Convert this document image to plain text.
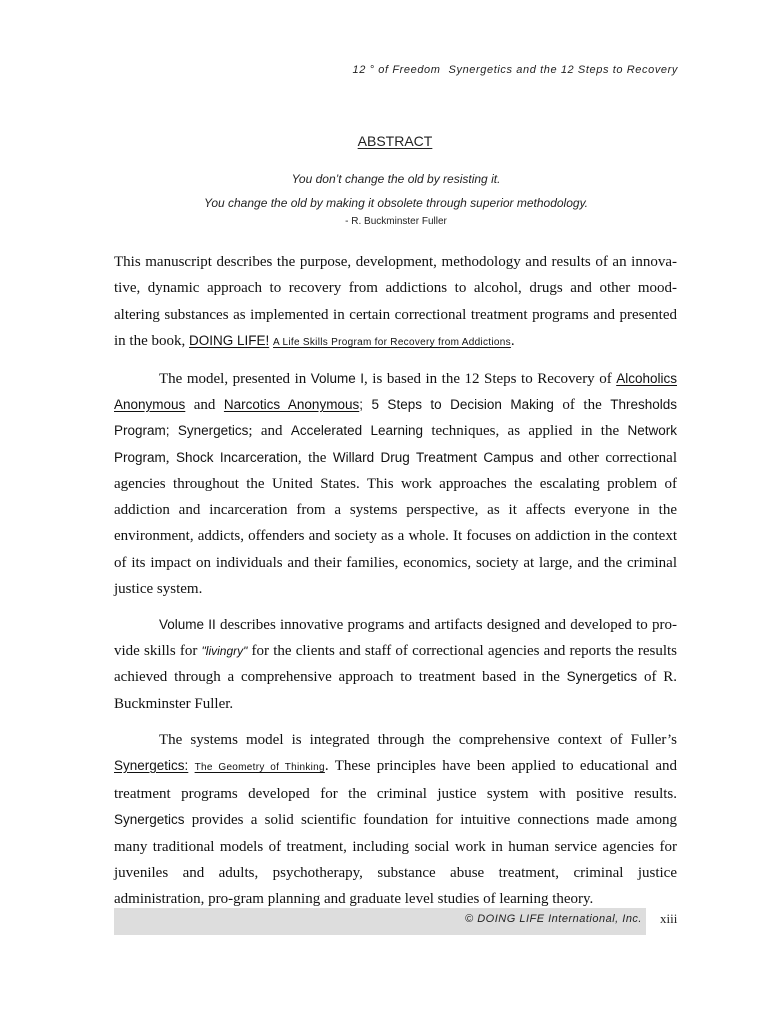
12 ° of Freedom Synergetics and the 12 Steps to Recovery
ABSTRACT
You don’t change the old by resisting it.
You change the old by making it obsolete through superior methodology.
- R. Buckminster Fuller

This manuscript describes the purpose, development, methodology and results of an innova-tive, dynamic approach to recovery from addictions to alcohol, drugs and other mood-altering substances as implemented in certain correctional treatment programs and presented in the book, DOING LIFE! A Life Skills Program for Recovery from Addictions.

The model, presented in Volume I, is based in the 12 Steps to Recovery of Alcoholics Anonymous and Narcotics Anonymous; 5 Steps to Decision Making of the Thresholds Program; Synergetics; and Accelerated Learning techniques, as applied in the Network Program, Shock Incarceration, the Willard Drug Treatment Campus and other correctional agencies throughout the United States. This work approaches the escalating problem of addiction and incarceration from a systems perspective, as it affects everyone in the environment, addicts, offenders and society as a whole. It focuses on addiction in the context of its impact on individuals and their families, economics, society at large, and the criminal justice system.

Volume II describes innovative programs and artifacts designed and developed to pro-vide skills for "livingry" for the clients and staff of correctional agencies and reports the results achieved through a comprehensive approach to treatment based in the Synergetics of R. Buckminster Fuller.

The systems model is integrated through the comprehensive context of Fuller’s Synergetics: The Geometry of Thinking. These principles have been applied to educational and treatment programs developed for the criminal justice system with positive results. Synergetics provides a solid scientific foundation for intuitive connections made among many traditional models of treatment, including social work in human service agencies for juveniles and adults, psychotherapy, substance abuse treatment, criminal justice administration, pro-gram planning and graduate level studies of learning theory.

© DOING LIFE International, Inc. xiii
